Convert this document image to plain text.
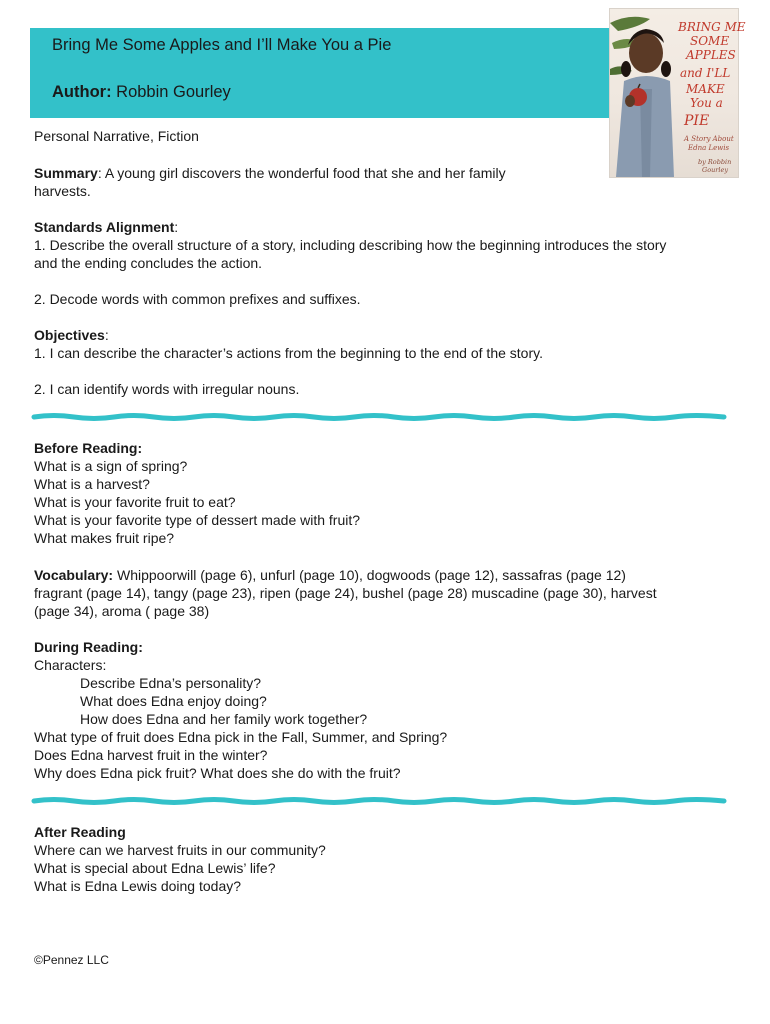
Bring Me Some Apples and I’ll Make You a Pie
Author: Robbin Gourley
BRING ME
SOME
APPLES
and I'LL
MAKE
You a
PIE
A Story About
Edna Lewis
by Robbin
Gourley
Personal Narrative, Fiction
Summary: A young girl discovers the wonderful food that she and her family
harvests.
Standards Alignment:
1. Describe the overall structure of a story, including describing how the beginning introduces the story
and the ending concludes the action.
2. Decode words with common prefixes and suffixes.
Objectives:
1. I can describe the character’s actions from the beginning to the end of the story.
2. I can identify words with irregular nouns.
Before Reading:
What is a sign of spring?
What is a harvest?
What is your favorite fruit to eat?
What is your favorite type of dessert made with fruit?
What makes fruit ripe?
Vocabulary: Whippoorwill (page 6), unfurl (page 10), dogwoods (page 12), sassafras (page 12)
fragrant (page 14), tangy (page 23), ripen (page 24), bushel (page 28) muscadine (page 30), harvest
(page 34), aroma ( page 38)
During Reading:
Characters:
Describe Edna’s personality?
What does Edna enjoy doing?
How does Edna and her family work together?
What type of fruit does Edna pick in the Fall, Summer, and Spring?
Does Edna harvest fruit in the winter?
Why does Edna pick fruit? What does she do with the fruit?
After Reading
Where can we harvest fruits in our community?
What is special about Edna Lewis’ life?
What is Edna Lewis doing today?
©Pennez LLC
